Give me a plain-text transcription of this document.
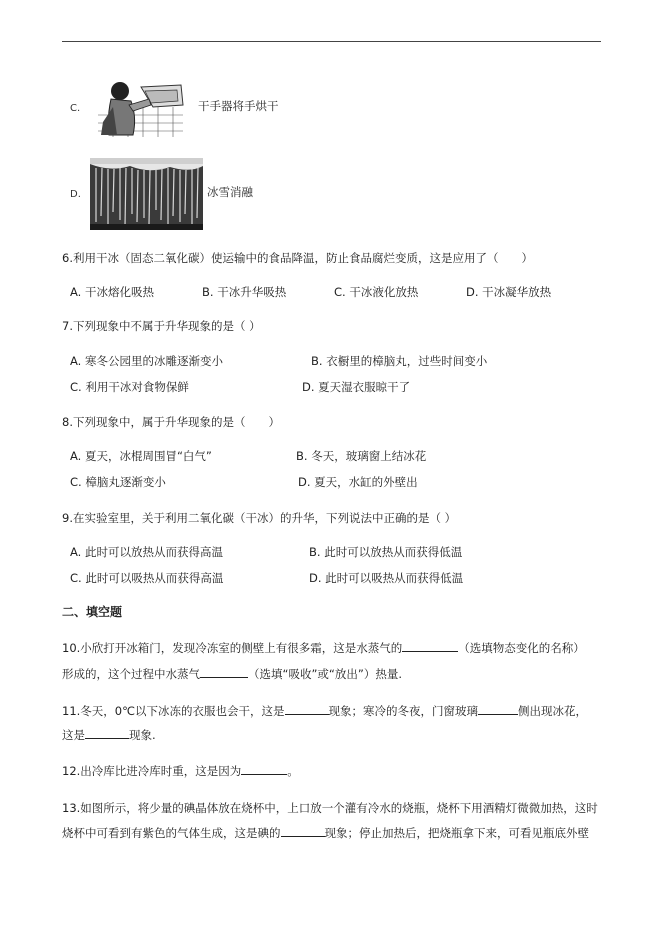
C.	干手器将手烘干
D.	冰雪消融
6.利用干冰（固态二氧化碳）使运输中的食品降温，防止食品腐烂变质，这是应用了（　　）
A. 干冰熔化吸热	B. 干冰升华吸热	C. 干冰液化放热	D. 干冰凝华放热
7.下列现象中不属于升华现象的是（ ）
A. 寒冬公园里的冰雕逐渐变小	B. 衣橱里的樟脑丸，过些时间变小
C. 利用干冰对食物保鲜	D. 夏天湿衣服晾干了
8.下列现象中，属于升华现象的是（　　）
A. 夏天，冰棍周围冒“白气”	B. 冬天，玻璃窗上结冰花
C. 樟脑丸逐渐变小	D. 夏天，水缸的外壁出
9.在实验室里，关于利用二氧化碳（干冰）的升华，下列说法中正确的是（ ）
A. 此时可以放热从而获得高温	B. 此时可以放热从而获得低温
C. 此时可以吸热从而获得高温	D. 此时可以吸热从而获得低温
二、填空题
10.小欣打开冰箱门，发现冷冻室的侧壁上有很多霜，这是水蒸气的	（选填物态变化的名称）
形成的，这个过程中水蒸气	（选填“吸收”或“放出”）热量.
11.冬天，0℃以下冰冻的衣服也会干，这是	现象；寒冷的冬夜，门窗玻璃	侧出现冰花，
这是	现象.
12.出冷库比进冷库时重，这是因为	。
13.如图所示，将少量的碘晶体放在烧杯中，上口放一个灌有冷水的烧瓶，烧杯下用酒精灯微微加热，这时
烧杯中可看到有紫色的气体生成，这是碘的	现象；停止加热后，把烧瓶拿下来，可看见瓶底外壁
